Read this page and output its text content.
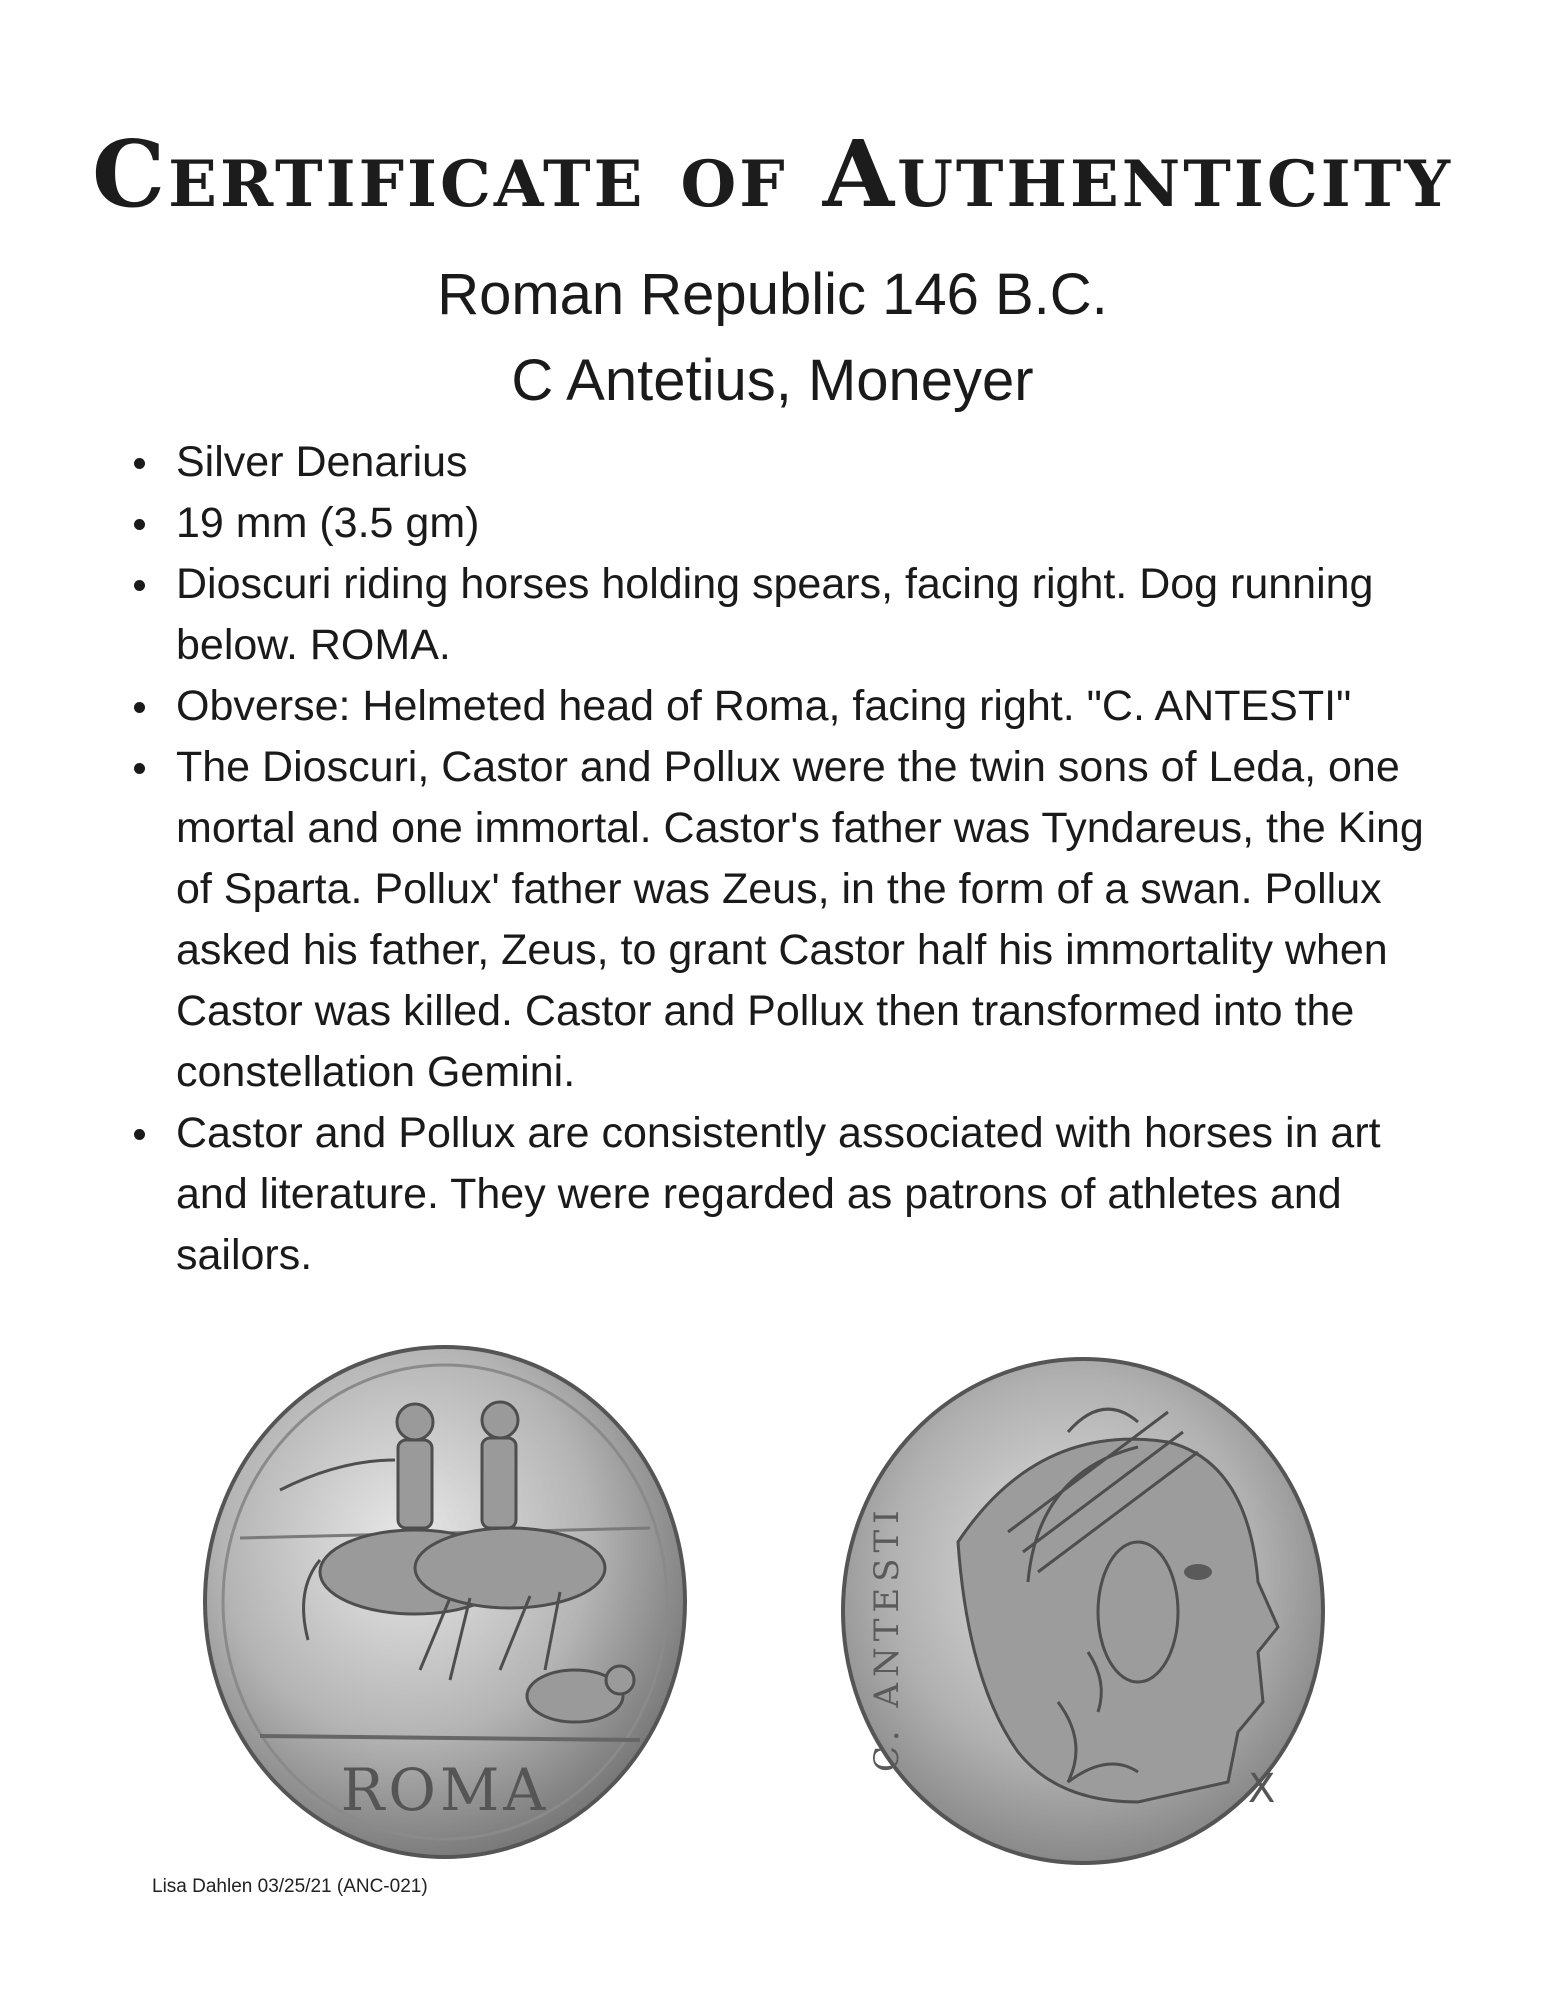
Certificate of Authenticity
Roman Republic 146 B.C.
C Antetius, Moneyer
Silver Denarius
19 mm (3.5 gm)
Dioscuri riding horses holding spears, facing right. Dog running below. ROMA.
Obverse: Helmeted head of Roma, facing right. "C. ANTESTI"
The Dioscuri, Castor and Pollux were the twin sons of Leda, one mortal and one immortal. Castor's father was Tyndareus, the King of Sparta. Pollux' father was Zeus, in the form of a swan. Pollux asked his father, Zeus, to grant Castor half his immortality when Castor was killed. Castor and Pollux then transformed into the constellation Gemini.
Castor and Pollux are consistently associated with horses in art and literature. They were regarded as patrons of athletes and sailors.
ROMA	X
C. ANTESTI
Lisa Dahlen 03/25/21 (ANC-021)
